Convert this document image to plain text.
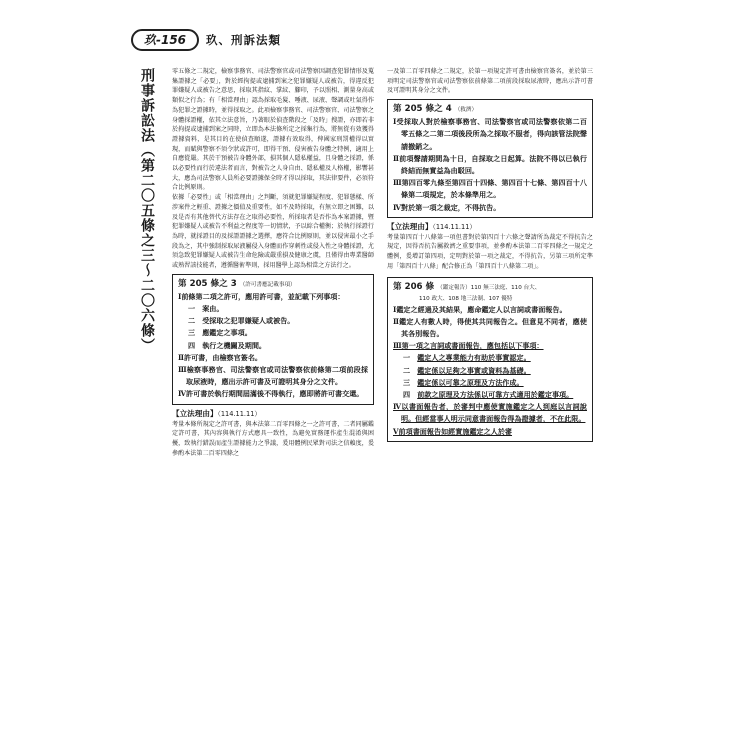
玖-156	玖、刑訴法類
刑事訴訟法（第二〇五條之三〜二〇六條）	零五條之二規定，檢察事務官、司法警察官或司法警察因調查犯罪情形及蒐集證據之「必要」，對於經拘提或逮捕到案之犯罪嫌疑人或被告，得違反犯罪嫌疑人或被告之意思，採取其指紋、掌紋、腳印，予以照相、測量身高或類似之行為；有「相當理由」認為採取毛髮、唾液、尿液、聲調或吐氣得作為犯罪之證據時，並得採取之。此項檢察事務官、司法警察官、司法警察之身體採證權，依其立法意旨，乃著眼於偵查階段之「及時」搜證，亦即若非於拘提或逮捕到案之同時，立即為本法條所定之採集行為，將無從有效獲得證據資料，是其目的在使偵查順遂，證據有效取得，俾國家刑罰權得以實現，而賦與警察不須令狀或許可，即得干預、侵害被告身體之特例，適用上自應從嚴。其於干預被告身體外部，損其個人隱私權益，且身體之採證，係以必要性而行於違法者而言，對被告之人身自由、隱私權及人格權，影響甚大，應為司法警察人員所必要證據保全時才得以採取，其法律要件，必須符合比例原則。

依據「必要性」或「相當理由」之判斷，須就犯罪嫌疑程度、犯罪態樣、所涉案件之輕重、證據之價值及重要性，如不及時採取，有無立即之困難，以及是否有其他替代方法存在之取得必要性，所採取者是否作為本案證據，暨犯罪嫌疑人或被告不利益之程度等一切情狀，予以綜合權衡；於執行採證行為時，就採證目的及採證證據之選擇，應符合比例原則，並以侵害最小之手段為之，其中強制採取尿液屬侵入身體而作穿刺性或侵入性之身體採證，尤須急致犯罪嫌疑人或被告生命危險或嚴重損及健康之虞，且僅得由專業醫師或熟習該技能者，遵循醫術準則，採用醫學上認為相當之方法行之。

第 205 條之 3 （許可書應記載事項）
Ⅰ前條第二項之許可，應用許可書，並記載下列事項：
一　 案由。
二　 受採取之犯罪嫌疑人或被告。
三　 應鑑定之事項。
四　 執行之機關及期間。
Ⅱ許可書，由檢察官簽名。
Ⅲ檢察事務官、司法警察官或司法警察依前條第二項前段採取尿液時，應出示許可書及可證明其身分之文件。
Ⅳ許可書於執行期間屆滿後不得執行，應即將許可書交還。
【立法理由】（114.11.11）

考量本條所規定之許可書，與本法第二百零四條之一之許可書，二者同屬鑑定許可書，其內容與執行方式應具一致性，為避免實務運作產生混淆與困擾，致執行錯誤而產生證據能力之爭議，爰用體例民眾對司法之信賴度，爰參酌本法第二百零四條之

一及第二百零四條之二規定，於第一項規定許可書由檢察官簽名，並於第三項明定司法警察官或司法警察依前條第二項前段採取尿液時，應出示許可書及可證明其身分之文件。

第 205 條之 4 （救濟）
Ⅰ受採取人對於檢察事務官、司法警察官或司法警察依第二百零五條之二第二項後段所為之採取不服者，得向該管法院聲請撤銷之。
Ⅱ前項聲請期間為十日，自採取之日起算。法院不得以已執行終結而無實益為由駁回。
Ⅲ第四百零九條至第四百十四條、第四百十七條、第四百十八條第二項規定，於本條準用之。
Ⅳ對於第一項之裁定，不得抗告。
【立法理由】（114.11.11）

考量第四百十八條第一項但書對於第四百十六條之聲請所為裁定不得抗告之規定，因得否抗告屬救濟之重要事項，並參酌本法第二百零四條之一規定之體例，爰增訂第四項，定明對於第一項之裁定，不得抗告，另第三項所定準用「第四百十八條」配合修正為「第四百十八條第二項」。

第 206 條 （鑑定報告）110 無三法庭、110 台大、
110 政大、108 地三法制、107 優特
Ⅰ鑑定之經過及其結果，應命鑑定人以言詞或書面報告。
Ⅱ鑑定人有數人時，得使其共同報告之。但意見不同者，應使其各別報告。
Ⅲ第一項之言詞或書面報告，應包括以下事項：
一　 鑑定人之專業能力有助於事實認定。
二　 鑑定係以足夠之事實或資料為基礎。
三　 鑑定係以可靠之原理及方法作成。
四　 前款之原理及方法係以可靠方式適用於鑑定事項。
Ⅳ以書面報告者，於審判中應使實施鑑定之人到庭以言詞說明。但經當事人明示同意書面報告得為證據者，不在此限。
Ⅴ前項書面報告如經實施鑑定之人於審
